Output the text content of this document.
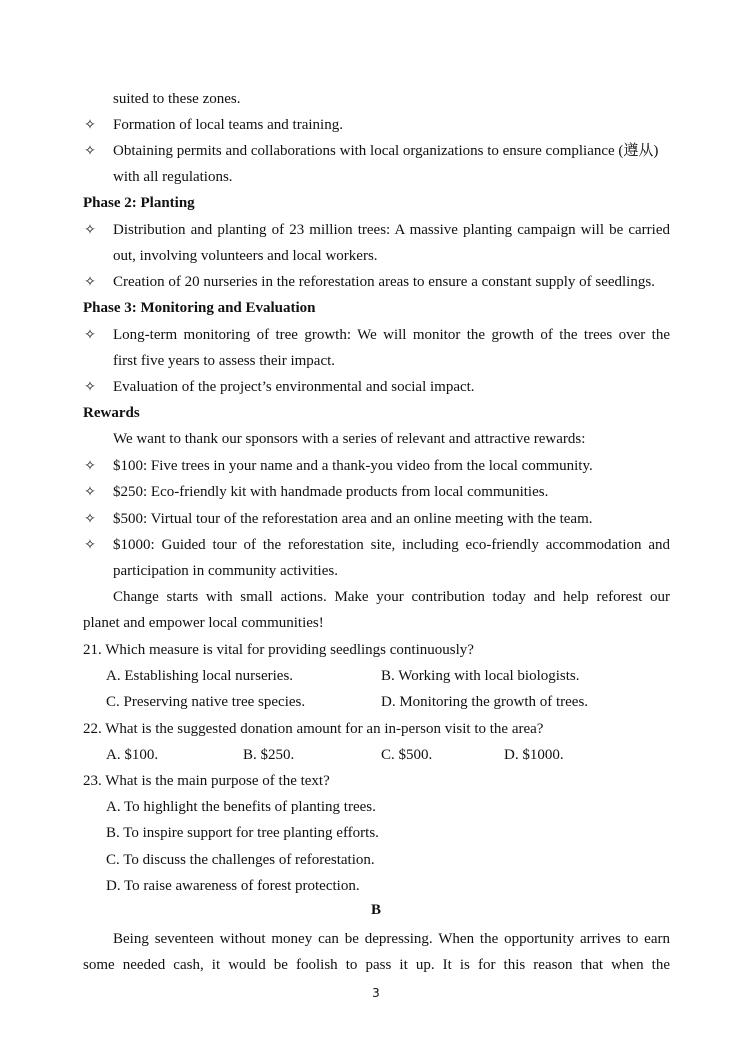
suited to these zones.
✧ Formation of local teams and training.
✧ Obtaining permits and collaborations with local organizations to ensure compliance (遵从)
with all regulations.
Phase 2: Planting
✧ Distribution and planting of 23 million trees: A massive planting campaign will be carried
out, involving volunteers and local workers.
✧ Creation of 20 nurseries in the reforestation areas to ensure a constant supply of seedlings.
Phase 3: Monitoring and Evaluation
✧ Long-term monitoring of tree growth: We will monitor the growth of the trees over the
first five years to assess their impact.
✧ Evaluation of the project’s environmental and social impact.
Rewards
We want to thank our sponsors with a series of relevant and attractive rewards:
✧ $100: Five trees in your name and a thank-you video from the local community.
✧ $250: Eco-friendly kit with handmade products from local communities.
✧ $500: Virtual tour of the reforestation area and an online meeting with the team.
✧ $1000: Guided tour of the reforestation site, including eco-friendly accommodation and
participation in community activities.
Change starts with small actions. Make your contribution today and help reforest our
planet and empower local communities!
21. Which measure is vital for providing seedlings continuously?
A. Establishing local nurseries.	B. Working with local biologists.
C. Preserving native tree species.	D. Monitoring the growth of trees.
22. What is the suggested donation amount for an in-person visit to the area?
A. $100.	B. $250.	C. $500.	D. $1000.
23. What is the main purpose of the text?
A. To highlight the benefits of planting trees.
B. To inspire support for tree planting efforts.
C. To discuss the challenges of reforestation.
D. To raise awareness of forest protection.
B
Being seventeen without money can be depressing. When the opportunity arrives to earn
some needed cash, it would be foolish to pass it up. It is for this reason that when the
3
